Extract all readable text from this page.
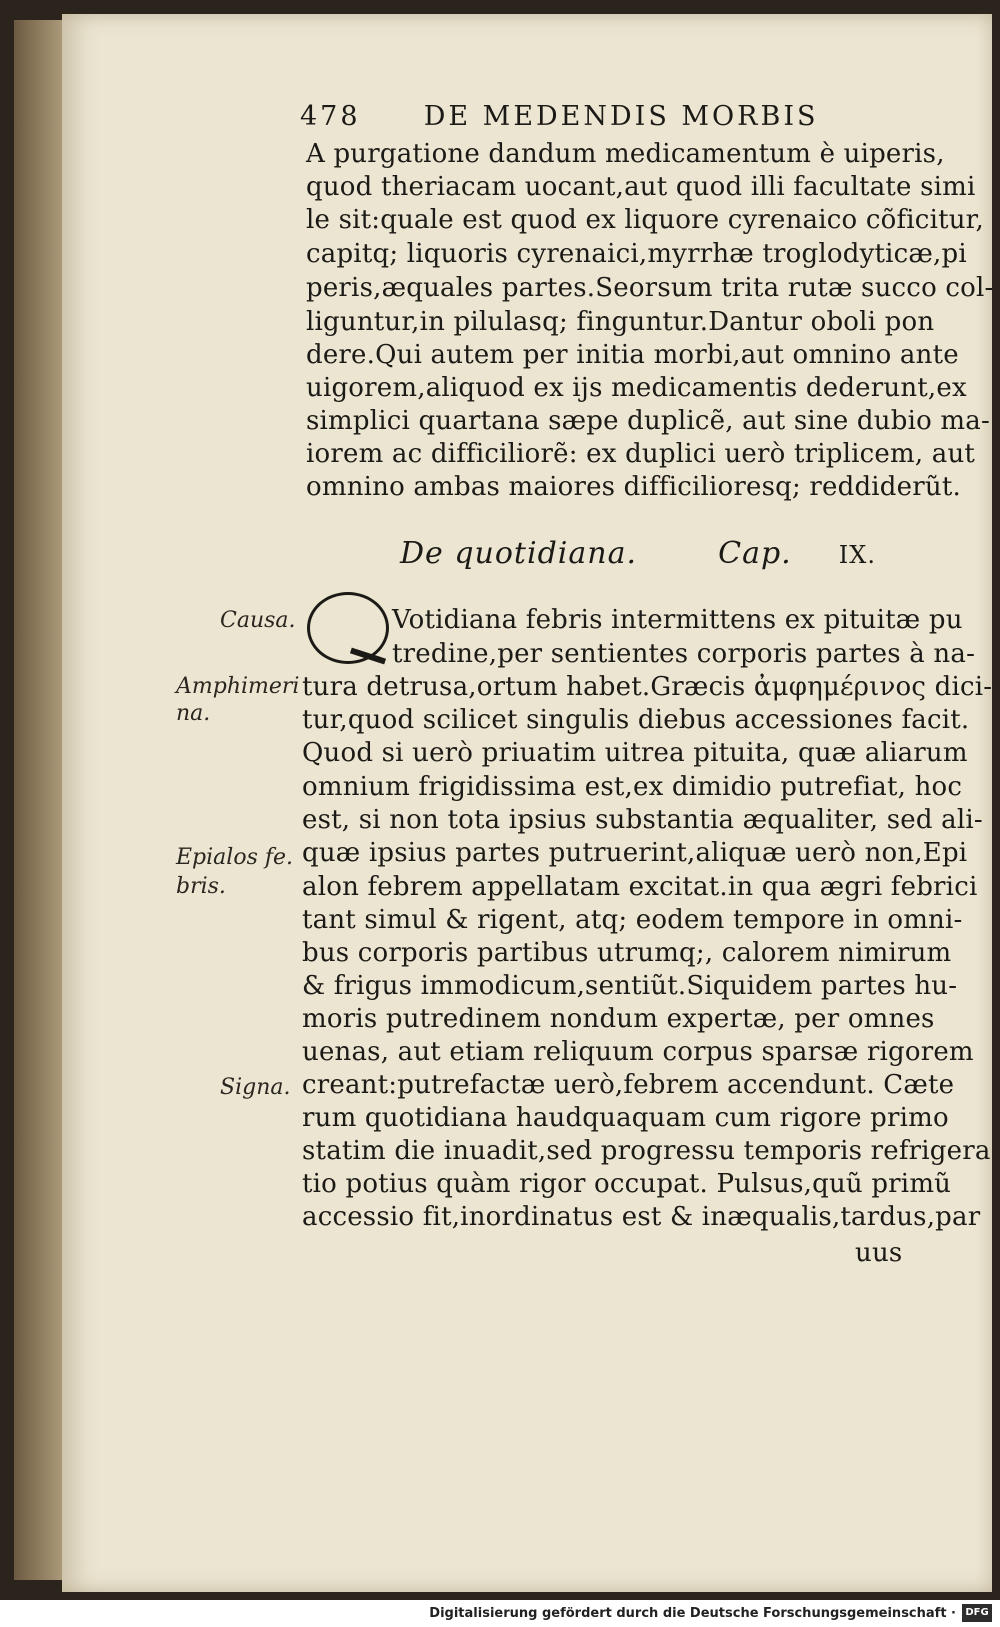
478 DE MEDENDIS MORBIS
A purgatione dandum medicamentum è uiperis,
quod theriacam uocant,aut quod illi facultate simi
le sit:quale est quod ex liquore cyrenaico cõficitur,
capitq; liquoris cyrenaici,myrrhæ troglodyticæ,pi
peris,æquales partes.Seorsum trita rutæ succo col-
liguntur,in pilulasq; finguntur.Dantur oboli pon
dere.Qui autem per initia morbi,aut omnino ante
uigorem,aliquod ex ijs medicamentis dederunt,ex
simplici quartana sæpe duplicẽ, aut sine dubio ma-
iorem ac difficiliorẽ: ex duplici uerò triplicem, aut
omnino ambas maiores difficilioresq; reddiderũt.
De quotidiana.	Cap. IX.
Votidiana febris intermittens ex pituitæ pu
tredine,per sentientes corporis partes à na-
tura detrusa,ortum habet.Græcis ἀμφημέρινος dici-
tur,quod scilicet singulis diebus accessiones facit.
Quod si uerò priuatim uitrea pituita, quæ aliarum
omnium frigidissima est,ex dimidio putrefiat, hoc
est, si non tota ipsius substantia æqualiter, sed ali-
quæ ipsius partes putruerint,aliquæ uerò non,Epi
alon febrem appellatam excitat.in qua ægri febrici
tant simul & rigent, atq; eodem tempore in omni-
bus corporis partibus utrumq;, calorem nimirum
& frigus immodicum,sentiũt.Siquidem partes hu-
moris putredinem nondum expertæ, per omnes
uenas, aut etiam reliquum corpus sparsæ rigorem
creant:putrefactæ uerò,febrem accendunt. Cæte
rum quotidiana haudquaquam cum rigore primo
statim die inuadit,sed progressu temporis refrigera
tio potius quàm rigor occupat. Pulsus,quũ primũ
accessio fit,inordinatus est & inæqualis,tardus,par
uus
Causa.
Amphimeri
na.
Epialos fe.
bris.
Signa.
Digitalisierung gefördert durch die Deutsche Forschungsgemeinschaft · DFG
